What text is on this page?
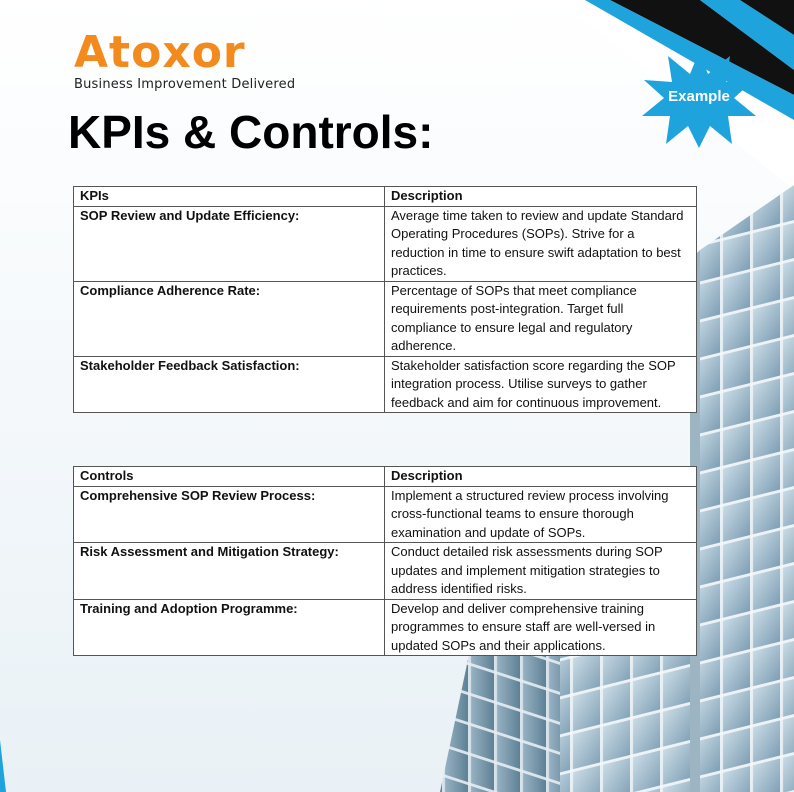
Atoxor
Business Improvement Delivered
Example
KPIs & Controls:
KPIs	Description
SOP Review and Update Efficiency:	Average time taken to review and update Standard Operating Procedures (SOPs). Strive for a reduction in time to ensure swift adaptation to best practices.
Compliance Adherence Rate:	Percentage of SOPs that meet compliance requirements post-integration. Target full compliance to ensure legal and regulatory adherence.
Stakeholder Feedback Satisfaction:	Stakeholder satisfaction score regarding the SOP integration process. Utilise surveys to gather feedback and aim for continuous improvement.
Controls	Description
Comprehensive SOP Review Process:	Implement a structured review process involving cross-functional teams to ensure thorough examination and update of SOPs.
Risk Assessment and Mitigation Strategy:	Conduct detailed risk assessments during SOP updates and implement mitigation strategies to address identified risks.
Training and Adoption Programme:	Develop and deliver comprehensive training programmes to ensure staff are well-versed in updated SOPs and their applications.
